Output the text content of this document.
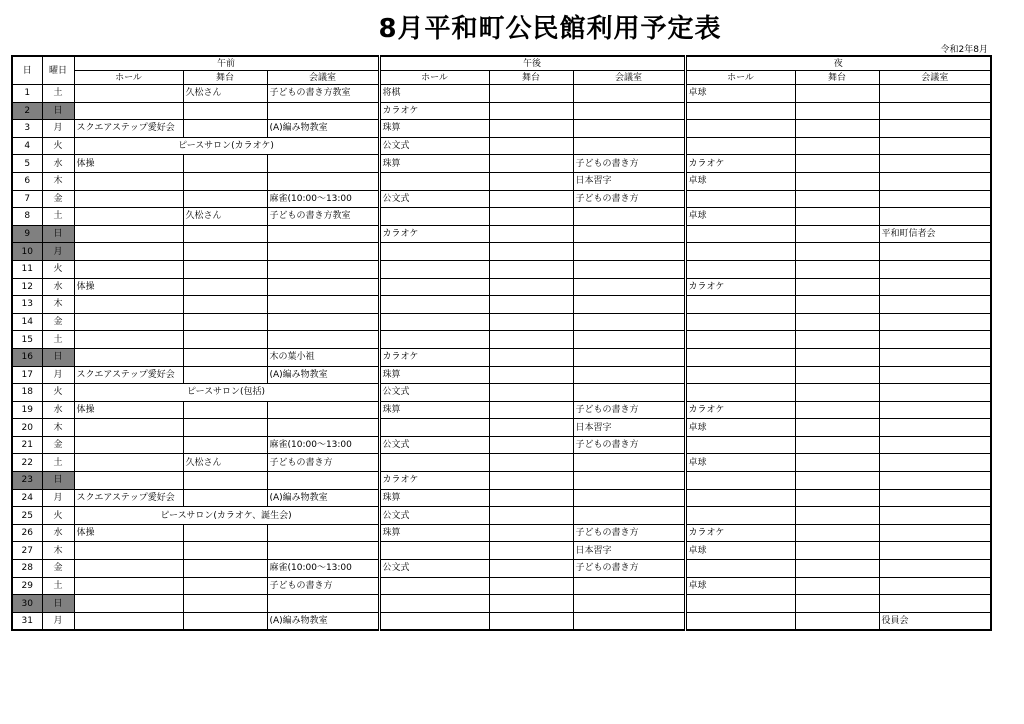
8月平和町公民館利用予定表
令和2年8月
日	曜日	午前			午後			夜		
		ホール	舞台	会議室	ホール	舞台	会議室	ホール	舞台	会議室
1	土		久松さん	子どもの書き方教室	将棋			卓球		
2	日				カラオケ					
3	月	スクエアステップ愛好会		(A)編み物教室	珠算					
4	火	ピースサロン(カラオケ)			公文式					
5	水	体操			珠算		子どもの書き方	カラオケ		
6	木						日本習字	卓球		
7	金			麻雀(10:00～13:00	公文式		子どもの書き方			
8	土		久松さん	子どもの書き方教室				卓球		
9	日				カラオケ					平和町信者会
10	月									
11	火									
12	水	体操						カラオケ		
13	木									
14	金									
15	土									
16	日			木の葉小祖	カラオケ					
17	月	スクエアステップ愛好会		(A)編み物教室	珠算					
18	火	ピースサロン(包括)			公文式					
19	水	体操			珠算		子どもの書き方	カラオケ		
20	木						日本習字	卓球		
21	金			麻雀(10:00～13:00	公文式		子どもの書き方			
22	土		久松さん	子どもの書き方				卓球		
23	日				カラオケ					
24	月	スクエアステップ愛好会		(A)編み物教室	珠算					
25	火	ピースサロン(カラオケ、誕生会)			公文式					
26	水	体操			珠算		子どもの書き方	カラオケ		
27	木						日本習字	卓球		
28	金			麻雀(10:00～13:00	公文式		子どもの書き方			
29	土			子どもの書き方				卓球		
30	日									
31	月			(A)編み物教室						役員会
